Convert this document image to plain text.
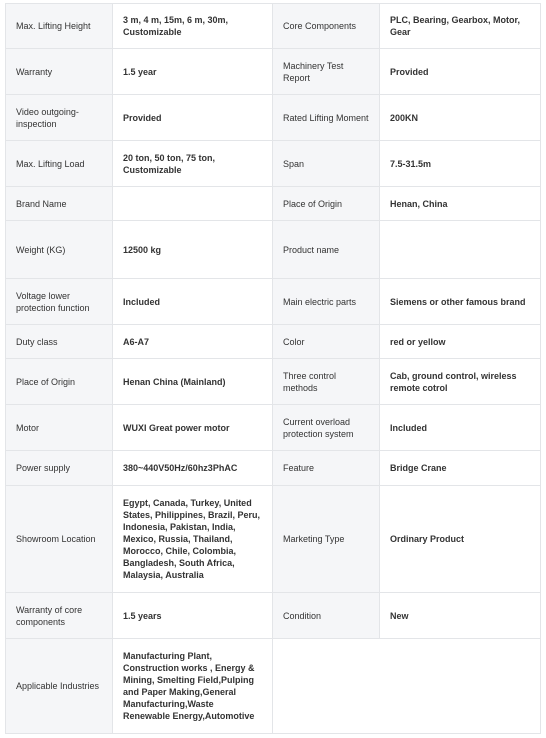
Max. Lifting Height	3 m, 4 m, 15m, 6 m, 30m, Customizable	Core Components	PLC, Bearing, Gearbox, Motor, Gear
Warranty	1.5 year	Machinery Test Report	Provided
Video outgoing-inspection	Provided	Rated Lifting Moment	200KN
Max. Lifting Load	20 ton, 50 ton, 75 ton, Customizable	Span	7.5-31.5m
Brand Name		Place of Origin	Henan, China
Weight (KG)	12500 kg	Product name	
Voltage lower protection function	Included	Main electric parts	Siemens or other famous brand
Duty class	A6-A7	Color	red or yellow
Place of Origin	Henan China (Mainland)	Three control methods	Cab, ground control, wireless remote cotrol
Motor	WUXI Great power motor	Current overload protection system	Included
Power supply	380~440V50Hz/60hz3PhAC	Feature	Bridge Crane
Showroom Location	Egypt, Canada, Turkey, United States, Philippines, Brazil, Peru, Indonesia, Pakistan, India, Mexico, Russia, Thailand, Morocco, Chile, Colombia, Bangladesh, South Africa, Malaysia, Australia	Marketing Type	Ordinary Product
Warranty of core components	1.5 years	Condition	New
Applicable Industries	Manufacturing Plant, Construction works , Energy & Mining, Smelting Field,Pulping and Paper Making,General Manufacturing,Waste Renewable Energy,Automotive		
